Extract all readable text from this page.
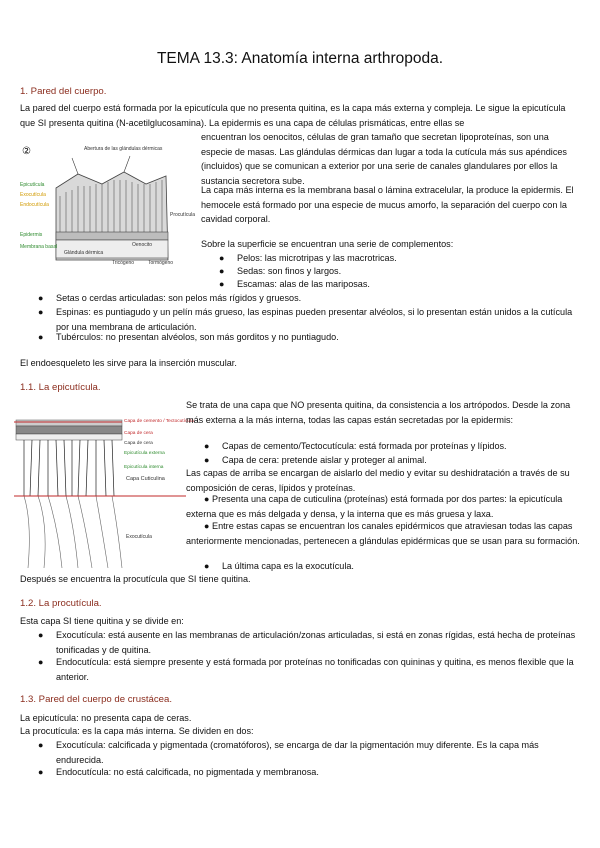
TEMA 13.3: Anatomía interna arthropoda.
1. Pared del cuerpo.
La pared del cuerpo está formada por la epicutícula que no presenta quitina, es la capa más externa y compleja. Le sigue la epicutícula que SI presenta quitina (N-acetilglucosamina). La epidermis es una capa de células prismáticas, entre ellas se
②	Abertura de las glándulas dérmicas
Epicutícula
Exocutícula
Endocutícula
Procutícula
Epidermis
Membrana basal
Glándula dérmica
Oenocito
Tricógeno	Tormógeno
encuentran los oenocitos, células de gran tamaño que secretan lipoproteínas, son una especie de masas. Las glándulas dérmicas dan lugar a toda la cutícula más sus apéndices (incluidos) que se comunican a exterior por una serie de canales glandulares por ellos la sustancia secretora sube.
La capa más interna es la membrana basal o lámina extracelular, la produce la epidermis. El hemocele está formado por una especie de mucus amorfo, la separación del cuerpo con la cavidad corporal.
Sobre la superficie se encuentran una serie de complementos:
● Pelos: las microtripas y las macrotricas.
● Sedas: son finos y largos.
● Escamas: alas de las mariposas.
● Setas o cerdas articuladas: son pelos más rígidos y gruesos.
● Espinas: es puntiagudo y un pelín más grueso, las espinas pueden presentar alvéolos, si lo presentan están unidos a la cutícula por una membrana de articulación.
● Tubérculos: no presentan alvéolos, son más gorditos y no puntiagudo.
El endoesqueleto les sirve para la inserción muscular.
1.1. La epicutícula.
Capa de cemento / Tectocutícula
Capa de cera
Capa de cera
Epicutícula externa
Epicutícula interna
Capa Cuticulina
Exocutícula
Se trata de una capa que NO presenta quitina, da consistencia a los artrópodos. Desde la zona más externa a la más interna, todas las capas están secretadas por la epidermis:
● Capas de cemento/Tectocutícula: está formada por proteínas y lípidos.
● Capa de cera: pretende aislar y proteger al animal.
Las capas de arriba se encargan de aislarlo del medio y evitar su deshidratación a través de su composición de ceras, lípidos y proteínas.
● Presenta una capa de cuticulina (proteínas) está formada por dos partes: la epicutícula externa que es más delgada y densa, y la interna que es más gruesa y laxa.
● Entre estas capas se encuentran los canales epidérmicos que atraviesan todas las capas anteriormente mencionadas, pertenecen a glándulas epidérmicas que se usan para su formación.
● La última capa es la exocutícula.
Después se encuentra la procutícula que SI tiene quitina.
1.2. La procutícula.
Esta capa SI tiene quitina y se divide en:
● Exocutícula: está ausente en las membranas de articulación/zonas articuladas, si está en zonas rígidas, está hecha de proteínas tonificadas y de quitina.
● Endocutícula: está siempre presente y está formada por proteínas no tonificadas con quininas y quitina, es menos flexible que la anterior.
1.3. Pared del cuerpo de crustácea.
La epicutícula: no presenta capa de ceras.
La procutícula: es la capa más interna. Se dividen en dos:
● Exocutícula: calcificada y pigmentada (cromatóforos), se encarga de dar la pigmentación muy diferente. Es la capa más endurecida.
● Endocutícula: no está calcificada, no pigmentada y membranosa.
